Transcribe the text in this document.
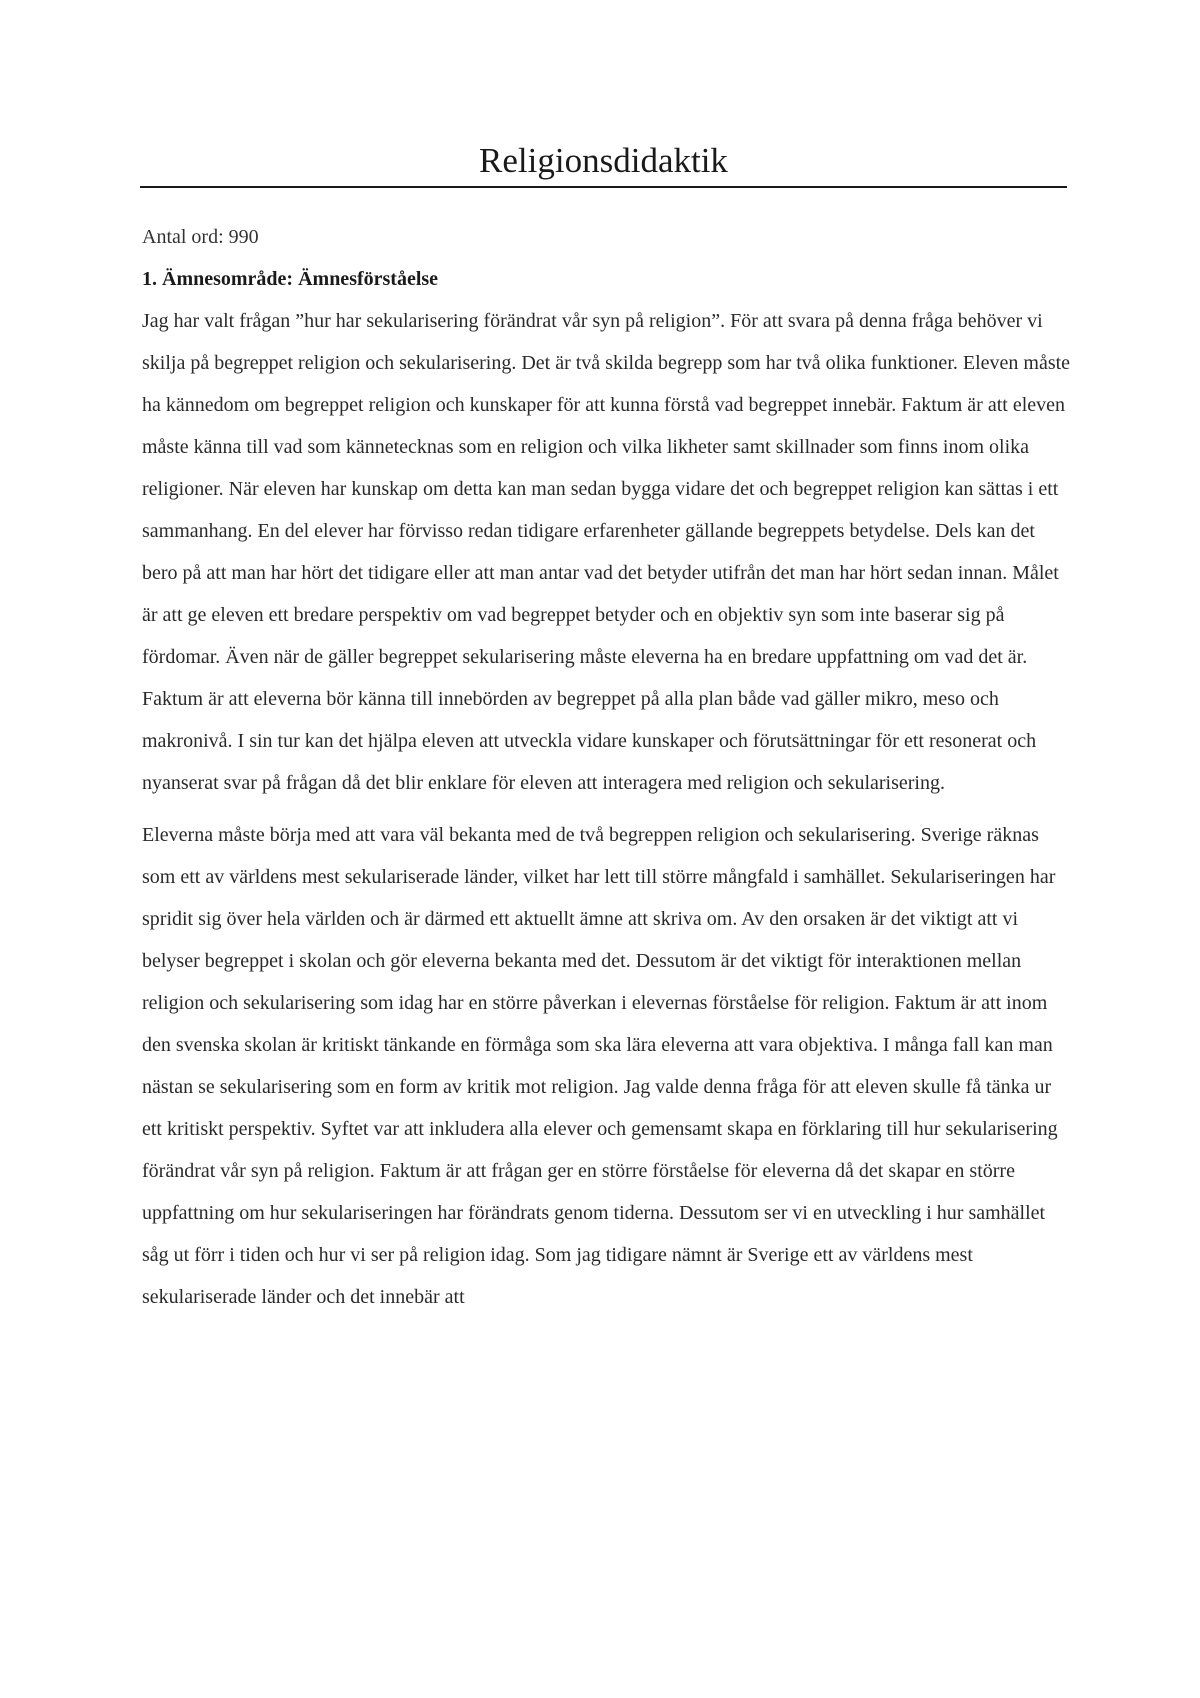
Religionsdidaktik

Antal ord: 990

1. Ämnesområde: Ämnesförståelse

Jag har valt frågan ”hur har sekularisering förändrat vår syn på religion”. För att svara på denna fråga behöver vi skilja på begreppet religion och sekularisering. Det är två skilda begrepp som har två olika funktioner. Eleven måste ha kännedom om begreppet religion och kunskaper för att kunna förstå vad begreppet innebär. Faktum är att eleven måste känna till vad som kännetecknas som en religion och vilka likheter samt skillnader som finns inom olika religioner. När eleven har kunskap om detta kan man sedan bygga vidare det och begreppet religion kan sättas i ett sammanhang. En del elever har förvisso redan tidigare erfarenheter gällande begreppets betydelse. Dels kan det bero på att man har hört det tidigare eller att man antar vad det betyder utifrån det man har hört sedan innan. Målet är att ge eleven ett bredare perspektiv om vad begreppet betyder och en objektiv syn som inte baserar sig på fördomar. Även när de gäller begreppet sekularisering måste eleverna ha en bredare uppfattning om vad det är. Faktum är att eleverna bör känna till innebörden av begreppet på alla plan både vad gäller mikro, meso och makronivå. I sin tur kan det hjälpa eleven att utveckla vidare kunskaper och förutsättningar för ett resonerat och nyanserat svar på frågan då det blir enklare för eleven att interagera med religion och sekularisering.

Eleverna måste börja med att vara väl bekanta med de två begreppen religion och sekularisering. Sverige räknas som ett av världens mest sekulariserade länder, vilket har lett till större mångfald i samhället. Sekulariseringen har spridit sig över hela världen och är därmed ett aktuellt ämne att skriva om. Av den orsaken är det viktigt att vi belyser begreppet i skolan och gör eleverna bekanta med det. Dessutom är det viktigt för interaktionen mellan religion och sekularisering som idag har en större påverkan i elevernas förståelse för religion. Faktum är att inom den svenska skolan är kritiskt tänkande en förmåga som ska lära eleverna att vara objektiva. I många fall kan man nästan se sekularisering som en form av kritik mot religion. Jag valde denna fråga för att eleven skulle få tänka ur ett kritiskt perspektiv. Syftet var att inkludera alla elever och gemensamt skapa en förklaring till hur sekularisering förändrat vår syn på religion. Faktum är att frågan ger en större förståelse för eleverna då det skapar en större uppfattning om hur sekulariseringen har förändrats genom tiderna. Dessutom ser vi en utveckling i hur samhället såg ut förr i tiden och hur vi ser på religion idag. Som jag tidigare nämnt är Sverige ett av världens mest sekulariserade länder och det innebär att
